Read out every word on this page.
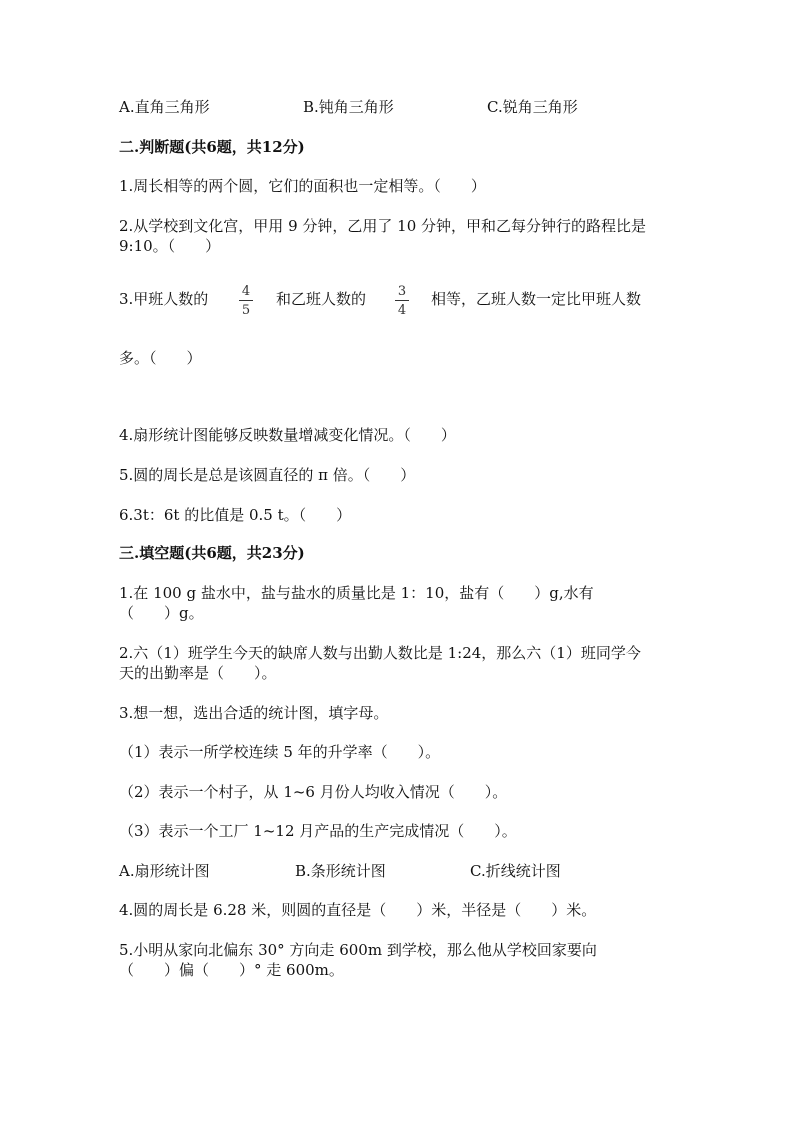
A.直角三角形	B.钝角三角形	C.锐角三角形
二.判断题(共6题，共12分)
1.周长相等的两个圆，它们的面积也一定相等。（　　）
2.从学校到文化宫，甲用 9 分钟，乙用了 10 分钟，甲和乙每分钟行的路程比是
9:10。（　　）
3.甲班人数的	4
5
和乙班人数的 3
4
相等，乙班人数一定比甲班人数
多。（　　）
4.扇形统计图能够反映数量增减变化情况。（　　）
5.圆的周长是总是该圆直径的 π 倍。（　　）
6.3t：6t 的比值是 0.5 t。（　　）
三.填空题(共6题，共23分)
1.在 100 g 盐水中，盐与盐水的质量比是 1：10，盐有（　　）g,水有
（　　）g。
2.六（1）班学生今天的缺席人数与出勤人数比是 1:24，那么六（1）班同学今
天的出勤率是（　　）。
3.想一想，选出合适的统计图，填字母。
（1）表示一所学校连续 5 年的升学率（　　）。
（2）表示一个村子，从 1~6 月份人均收入情况（　　）。
（3）表示一个工厂 1~12 月产品的生产完成情况（　　）。
A.扇形统计图	B.条形统计图	C.折线统计图
4.圆的周长是 6.28 米，则圆的直径是（　　）米，半径是（　　）米。
5.小明从家向北偏东 30° 方向走 600m 到学校，那么他从学校回家要向
（　　）偏（　　）° 走 600m。
